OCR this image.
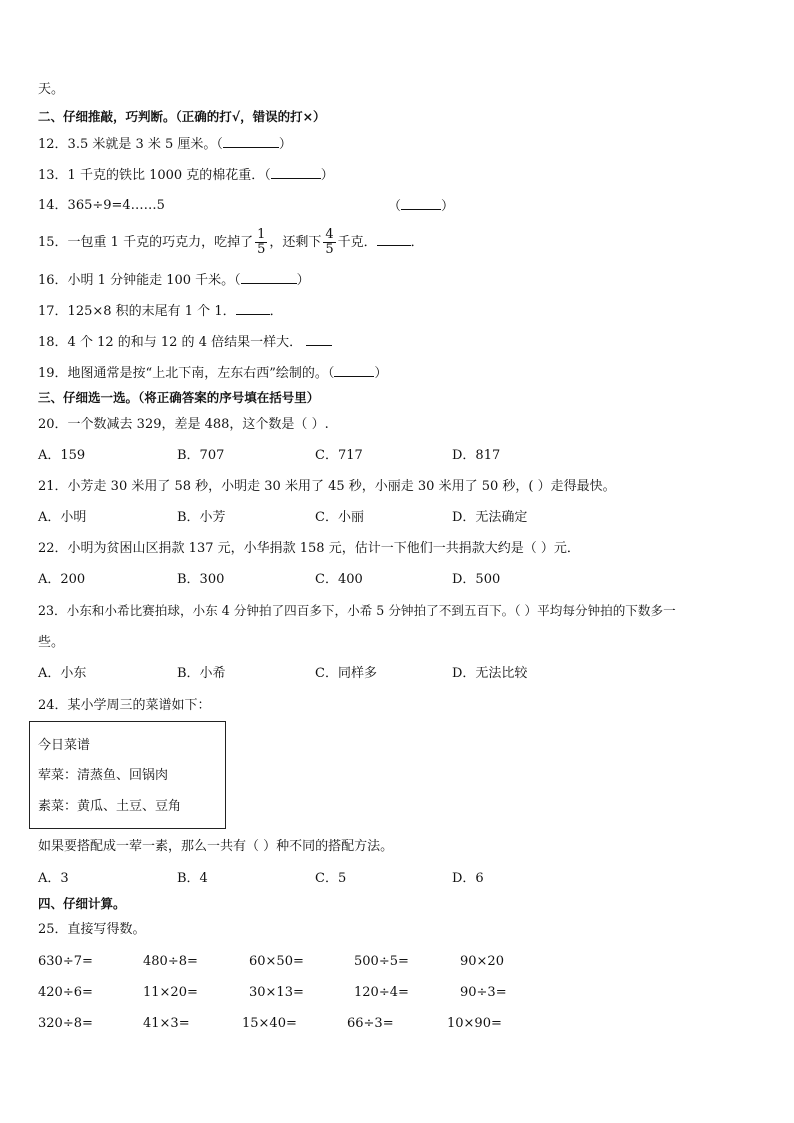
天。
二、仔细推敲，巧判断。（正确的打√，错误的打×）
12．3.5 米就是 3 米 5 厘米。（	）
13．1 千克的铁比 1000 克的棉花重．（	）
14．365÷9=4……5	（	）
15．一包重 1 千克的巧克力，吃掉了 $\frac{1}{5}$ ，还剩下 $\frac{4}{5}$ 千克．	．
16．小明 1 分钟能走 100 千米。（	）
17．125×8 积的末尾有 1 个 1．	．
18．4 个 12 的和与 12 的 4 倍结果一样大．
19．地图通常是按“上北下南，左东右西”绘制的。（	）
三、仔细选一选。（将正确答案的序号填在括号里）
20．一个数减去 329，差是 488，这个数是（ ）.
A．159	B．707	C．717	D．817
21．小芳走 30 米用了 58 秒，小明走 30 米用了 45 秒，小丽走 30 米用了 50 秒，( ）走得最快。
A．小明	B．小芳	C．小丽	D．无法确定
22．小明为贫困山区捐款 137 元，小华捐款 158 元，估计一下他们一共捐款大约是（ ）元．
A．200	B．300	C．400	D．500
23．小东和小希比赛拍球，小东 4 分钟拍了四百多下，小希 5 分钟拍了不到五百下。（ ）平均每分钟拍的下数多一
些。
A．小东	B．小希	C．同样多	D．无法比较
24．某小学周三的菜谱如下：
今日菜谱
荤菜：清蒸鱼、回锅肉
素菜：黄瓜、土豆、豆角
如果要搭配成一荤一素，那么一共有（ ）种不同的搭配方法。
A．3	B．4	C．5	D．6
四、仔细计算。
25．直接写得数。
630÷7=	480÷8=	60×50=	500÷5=	90×20
420÷6=	11×20=	30×13=	120÷4=	90÷3=
320÷8=	41×3=	15×40=	66÷3=	10×90=
